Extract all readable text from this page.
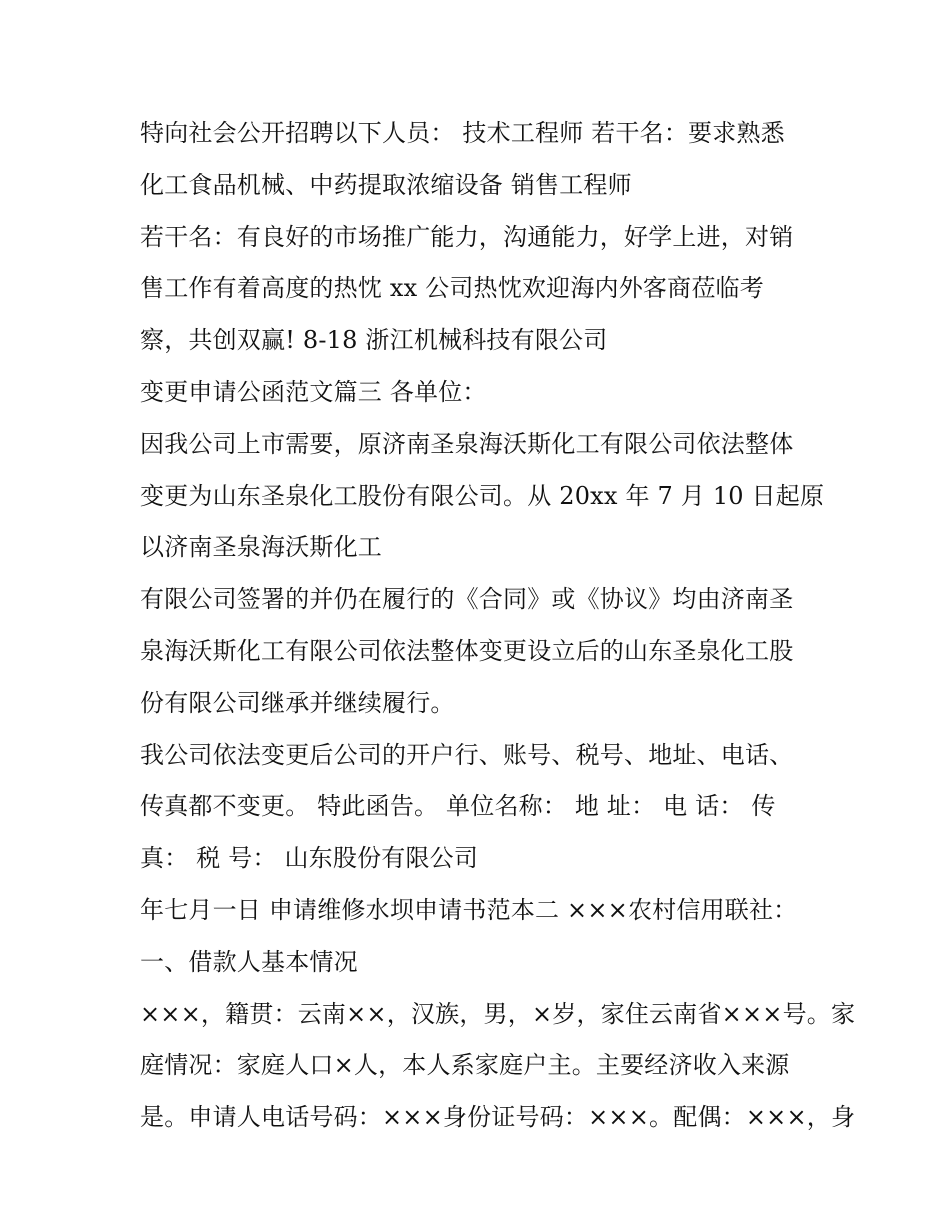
特向社会公开招聘以下人员： 技术工程师 若干名：要求熟悉
化工食品机械、中药提取浓缩设备 销售工程师
若干名：有良好的市场推广能力，沟通能力，好学上进，对销
售工作有着高度的热忱 xx 公司热忱欢迎海内外客商莅临考
察，共创双赢! 8-18 浙江机械科技有限公司
变更申请公函范文篇三 各单位：
因我公司上市需要，原济南圣泉海沃斯化工有限公司依法整体
变更为山东圣泉化工股份有限公司。从 20xx 年 7 月 10 日起原
以济南圣泉海沃斯化工
有限公司签署的并仍在履行的《合同》或《协议》均由济南圣
泉海沃斯化工有限公司依法整体变更设立后的山东圣泉化工股
份有限公司继承并继续履行。
我公司依法变更后公司的开户行、账号、税号、地址、电话、
传真都不变更。 特此函告。 单位名称： 地 址： 电 话： 传
真： 税 号： 山东股份有限公司
年七月一日 申请维修水坝申请书范本二 ×××农村信用联社：
一、借款人基本情况
×××，籍贯：云南××，汉族，男，×岁，家住云南省×××号。家
庭情况：家庭人口×人，本人系家庭户主。主要经济收入来源
是。申请人电话号码：×××身份证号码：×××。配偶：×××，身
